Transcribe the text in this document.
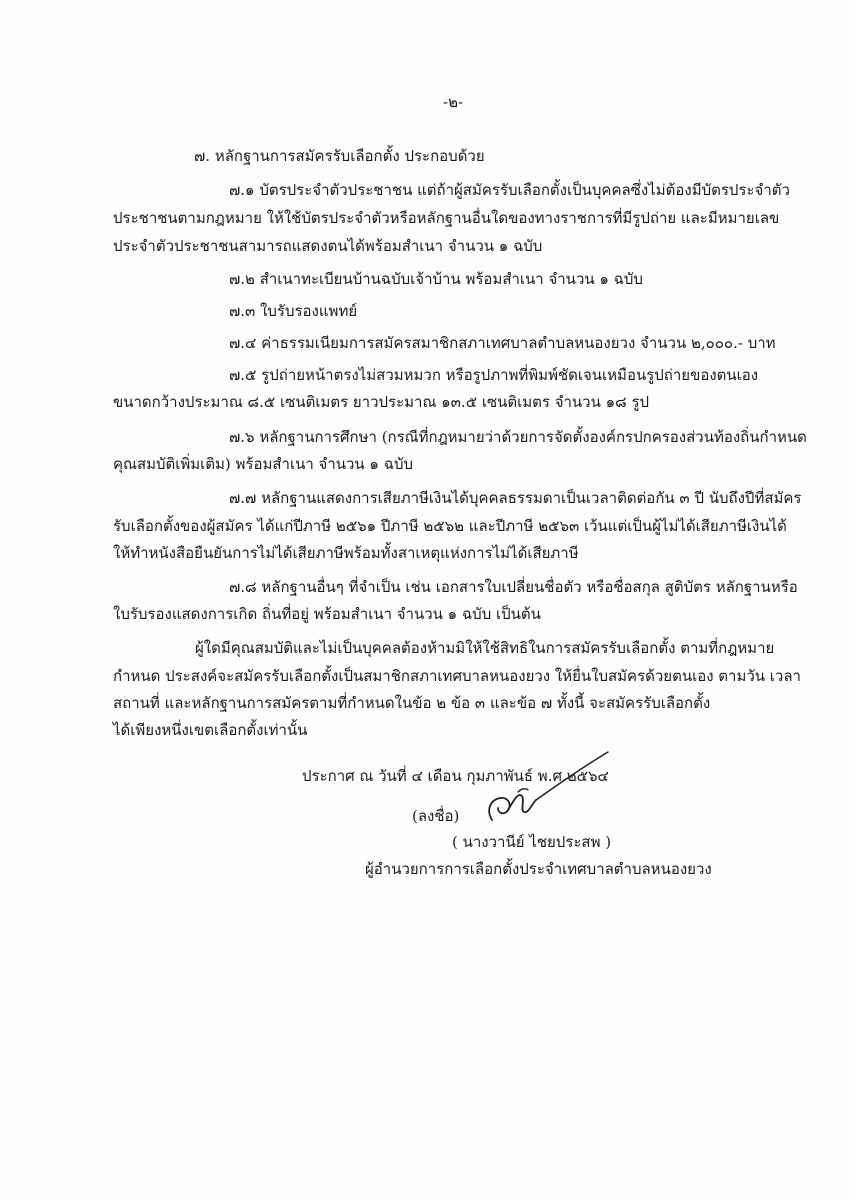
-๒-
๗. หลักฐานการสมัครรับเลือกตั้ง ประกอบด้วย
๗.๑ บัตรประจำตัวประชาชน แต่ถ้าผู้สมัครรับเลือกตั้งเป็นบุคคลซึ่งไม่ต้องมีบัตรประจำตัว
ประชาชนตามกฎหมาย ให้ใช้บัตรประจำตัวหรือหลักฐานอื่นใดของทางราชการที่มีรูปถ่าย และมีหมายเลข
ประจำตัวประชาชนสามารถแสดงตนได้พร้อมสำเนา จำนวน ๑ ฉบับ
๗.๒ สำเนาทะเบียนบ้านฉบับเจ้าบ้าน พร้อมสำเนา จำนวน ๑ ฉบับ
๗.๓ ใบรับรองแพทย์
๗.๔ ค่าธรรมเนียมการสมัครสมาชิกสภาเทศบาลตำบลหนองยวง จำนวน ๒,๐๐๐.- บาท
๗.๕ รูปถ่ายหน้าตรงไม่สวมหมวก หรือรูปภาพที่พิมพ์ชัดเจนเหมือนรูปถ่ายของตนเอง
ขนาดกว้างประมาณ ๘.๕ เซนติเมตร ยาวประมาณ ๑๓.๕ เซนติเมตร จำนวน ๑๘ รูป
๗.๖ หลักฐานการศึกษา (กรณีที่กฎหมายว่าด้วยการจัดตั้งองค์กรปกครองส่วนท้องถิ่นกำหนด
คุณสมบัติเพิ่มเติม) พร้อมสำเนา จำนวน ๑ ฉบับ
๗.๗ หลักฐานแสดงการเสียภาษีเงินได้บุคคลธรรมดาเป็นเวลาติดต่อกัน ๓ ปี นับถึงปีที่สมัคร
รับเลือกตั้งของผู้สมัคร ได้แก่ปีภาษี ๒๕๖๑ ปีภาษี ๒๕๖๒ และปีภาษี ๒๕๖๓ เว้นแต่เป็นผู้ไม่ได้เสียภาษีเงินได้
ให้ทำหนังสือยืนยันการไม่ได้เสียภาษีพร้อมทั้งสาเหตุแห่งการไม่ได้เสียภาษี
๗.๘ หลักฐานอื่นๆ ที่จำเป็น เช่น เอกสารใบเปลี่ยนชื่อตัว หรือชื่อสกุล สูติบัตร หลักฐานหรือ
ใบรับรองแสดงการเกิด ถิ่นที่อยู่ พร้อมสำเนา จำนวน ๑ ฉบับ เป็นต้น
ผู้ใดมีคุณสมบัติและไม่เป็นบุคคลต้องห้ามมิให้ใช้สิทธิในการสมัครรับเลือกตั้ง ตามที่กฎหมาย
กำหนด ประสงค์จะสมัครรับเลือกตั้งเป็นสมาชิกสภาเทศบาลหนองยวง ให้ยื่นใบสมัครด้วยตนเอง ตามวัน เวลา
สถานที่ และหลักฐานการสมัครตามที่กำหนดในข้อ ๒ ข้อ ๓ และข้อ ๗ ทั้งนี้ จะสมัครรับเลือกตั้ง
ได้เพียงหนึ่งเขตเลือกตั้งเท่านั้น
ประกาศ ณ วันที่ ๔ เดือน กุมภาพันธ์ พ.ศ.๒๕๖๔
(ลงชื่อ)
( นางวานีย์ ไชยประสพ )
ผู้อำนวยการการเลือกตั้งประจำเทศบาลตำบลหนองยวง
